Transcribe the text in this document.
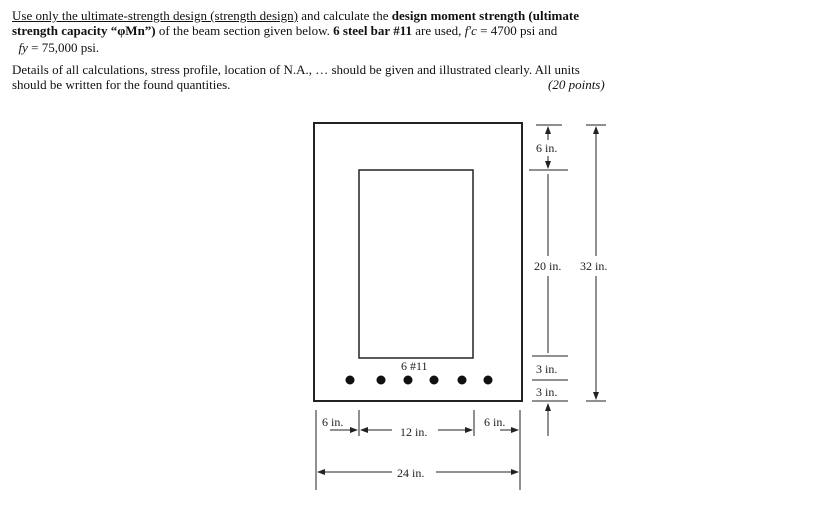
Use only the ultimate-strength design (strength design) and calculate the design moment strength (ultimate
strength capacity “φMn”) of the beam section given below. 6 steel bar #11 are used, f′c = 4700 psi and
fy = 75,000 psi.
Details of all calculations, stress profile, location of N.A., … should be given and illustrated clearly. All units
should be written for the found quantities.	(20 points)
6 #11
6 in.
20 in.
3 in.
3 in.
32 in.
6 in.
12 in.
6 in.
24 in.
